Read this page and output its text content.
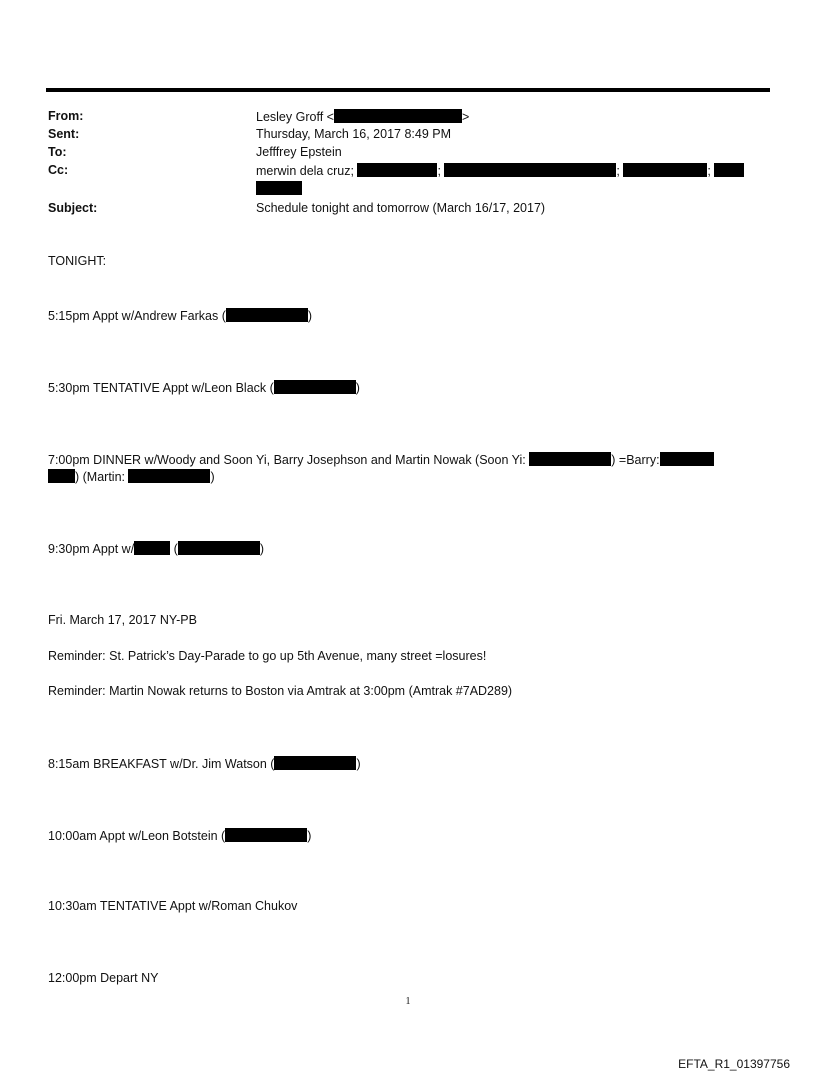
From:	Lesley Groff <	>
Sent:	Thursday, March 16, 2017 8:49 PM
To:	Jefffrey Epstein
Cc:	merwin dela cruz;	;	;	;
Subject:	Schedule tonight and tomorrow (March 16/17, 2017)
TONIGHT:
5:15pm Appt w/Andrew Farkas (	)
5:30pm TENTATIVE Appt w/Leon Black (	)
7:00pm DINNER w/Woody and Soon Yi, Barry Josephson and Martin Nowak (Soon Yi:	) =Barry:
) (Martin:	)
9:30pm Appt w/	(	)
Fri. March 17, 2017 NY-PB
Reminder: St. Patrick’s Day-Parade to go up 5th Avenue, many street =losures!
Reminder: Martin Nowak returns to Boston via Amtrak at 3:00pm (Amtrak #7AD289)
8:15am BREAKFAST w/Dr. Jim Watson (	)
10:00am Appt w/Leon Botstein (	)
10:30am TENTATIVE Appt w/Roman Chukov
12:00pm Depart NY
1
EFTA_R1_01397756
